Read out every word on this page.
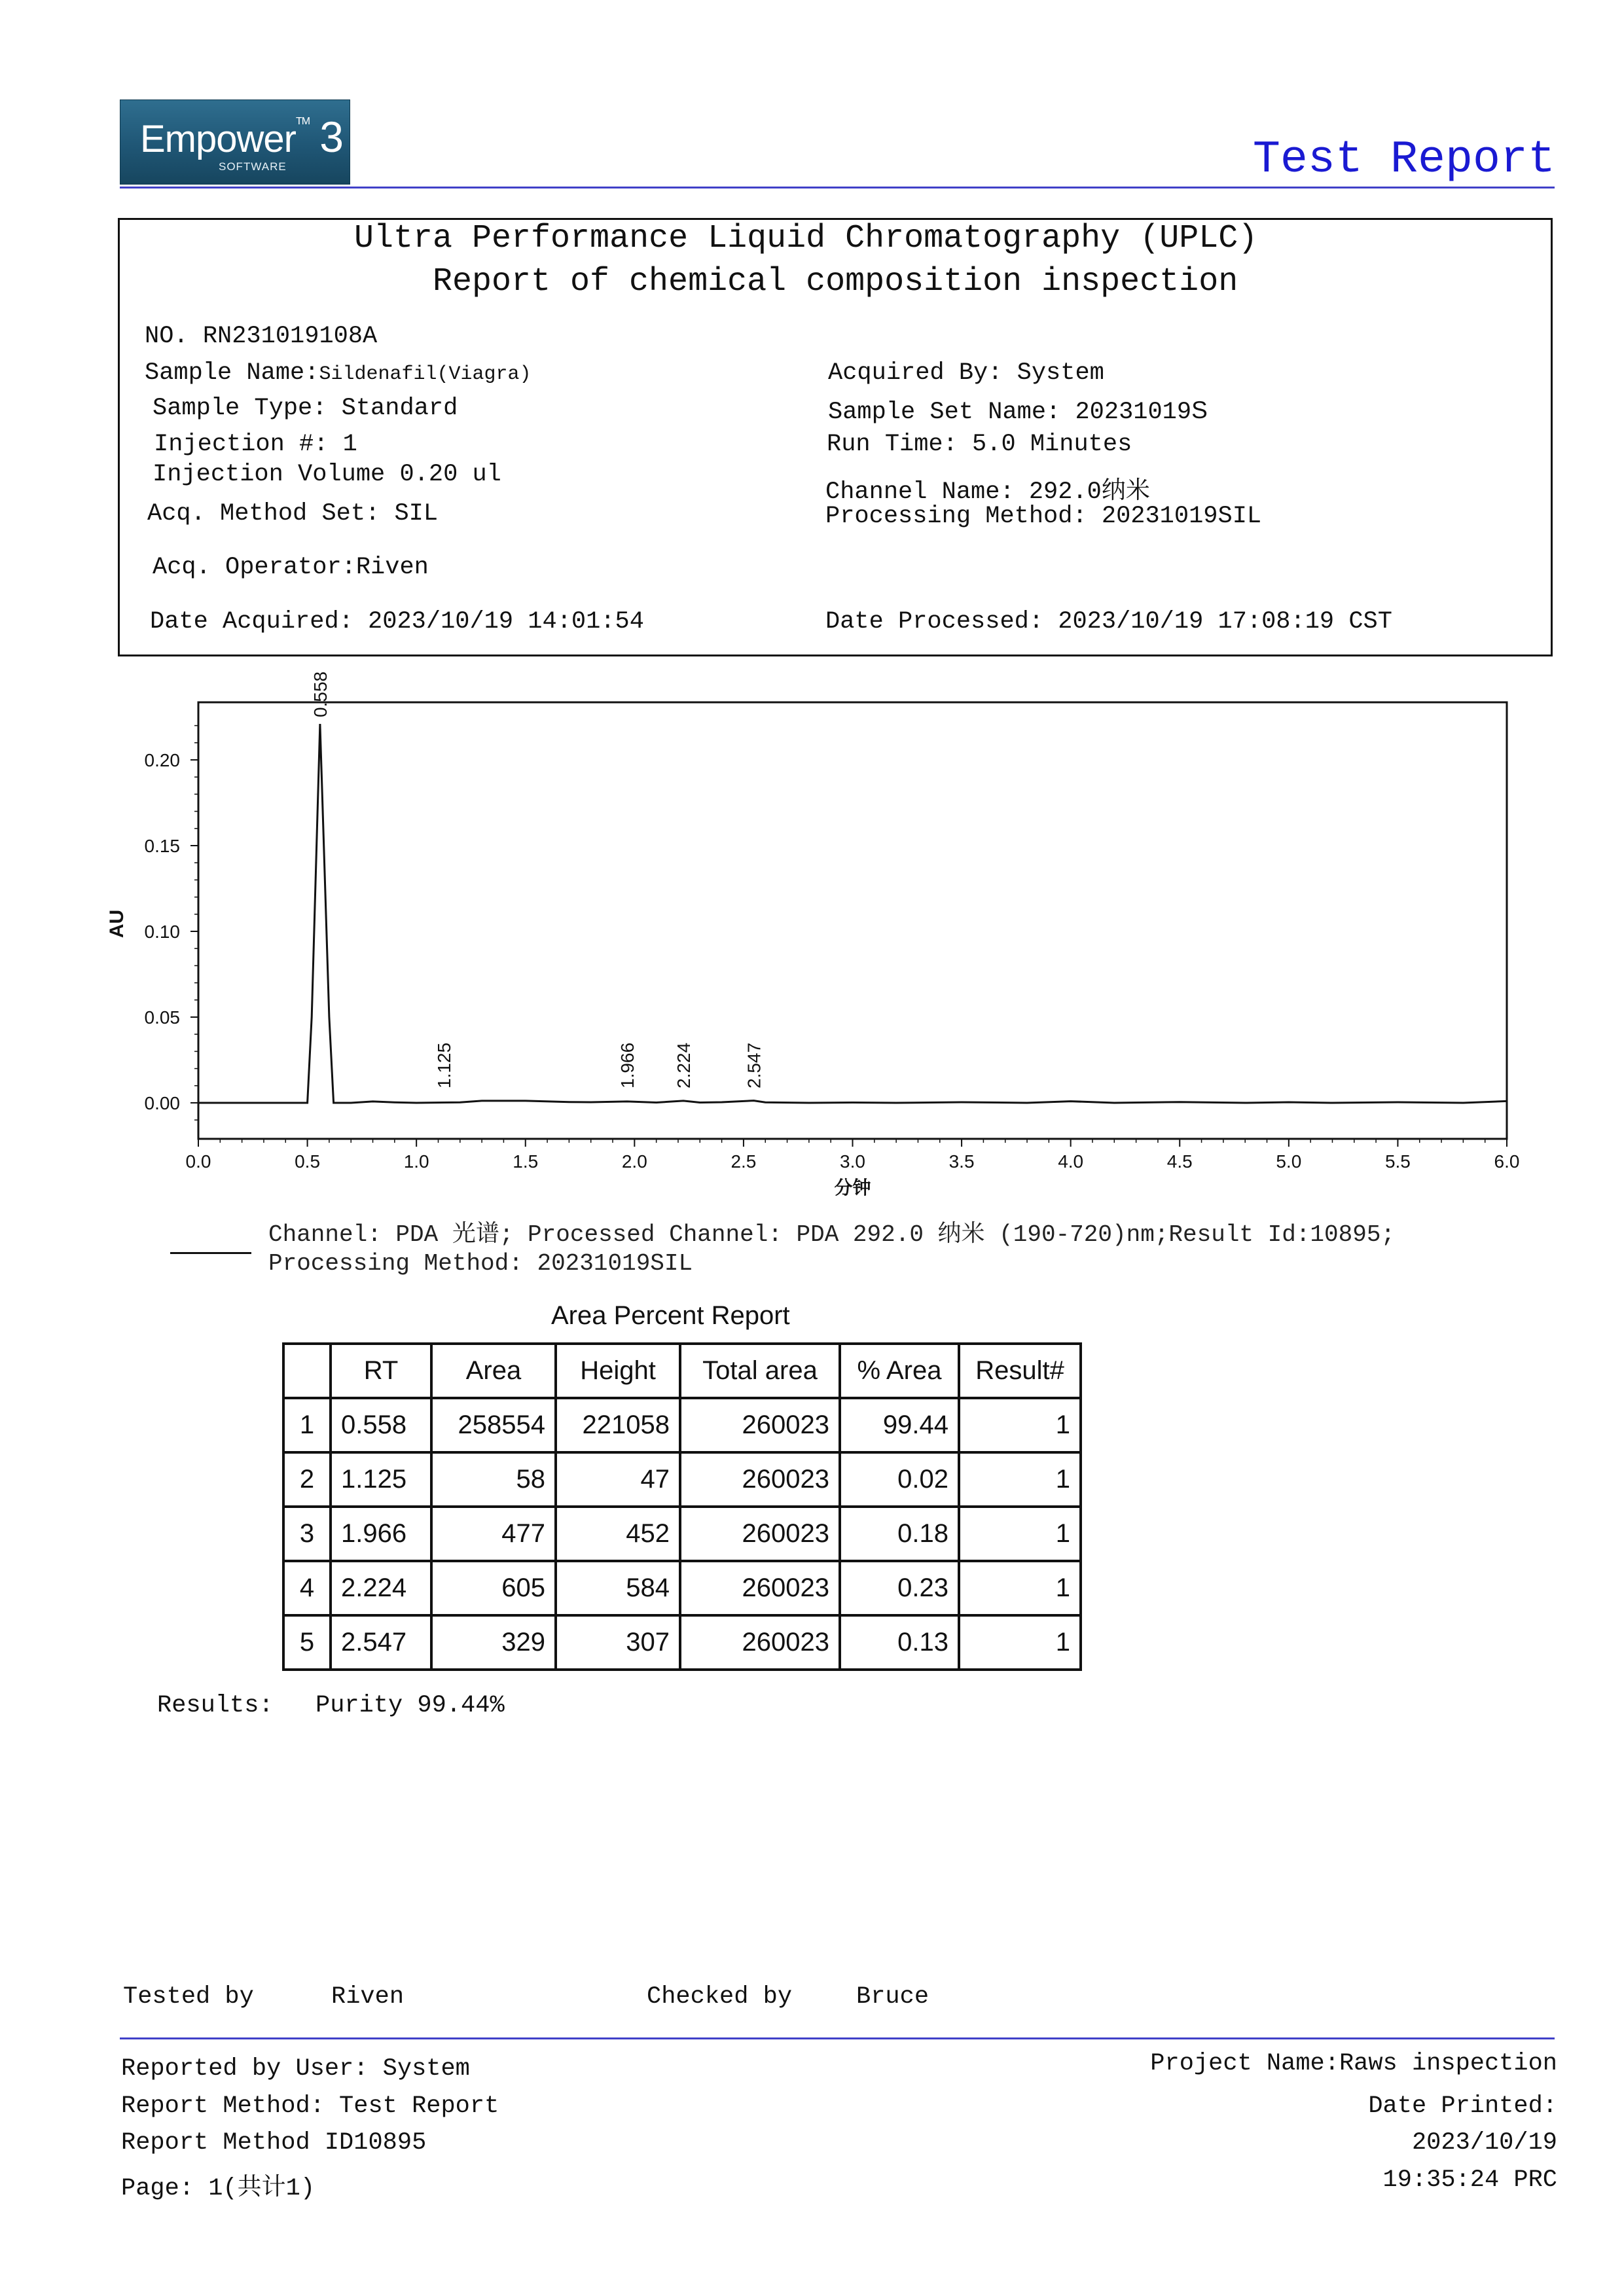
Empower™ 3
SOFTWARE	Test Report
Ultra Performance Liquid Chromatography (UPLC)
Report of chemical composition inspection
NO. RN231019108A
Sample Name:Sildenafil(Viagra)
Sample Type: Standard
Injection #: 1
Injection Volume 0.20 ul
Acq. Method Set: SIL
Acq. Operator:Riven
Date Acquired: 2023/10/19 14:01:54
Acquired By: System
Sample Set Name: 20231019S
Run Time: 5.0 Minutes
Channel Name: 292.0纳米
Processing Method: 20231019SIL
Date Processed: 2023/10/19 17:08:19 CST
0.00
0.05
0.10
0.15
0.20
0.0	0.5	1.0	1.5	2.0	2.5	3.0	3.5	4.0	4.5	5.0	5.5	6.0
AU
分钟
0.558
1.125	1.966 2.224	2.547
Channel: PDA 光谱; Processed Channel: PDA 292.0 纳米 (190-720)nm;Result Id:10895;
Processing Method: 20231019SIL
Area Percent Report
	RT	Area	Height	Total area	% Area	Result#
1	0.558	258554	221058	260023	99.44	1
2	1.125	58	47	260023	0.02	1
3	1.966	477	452	260023	0.18	1
4	2.224	605	584	260023	0.23	1
5	2.547	329	307	260023	0.13	1
Results: Purity 99.44%
Tested by	Riven	Checked by	Bruce
Reported by User: System
Report Method: Test Report
Report Method ID10895
Page: 1(共计1)
Project Name:Raws inspection
Date Printed:
2023/10/19
19:35:24 PRC
